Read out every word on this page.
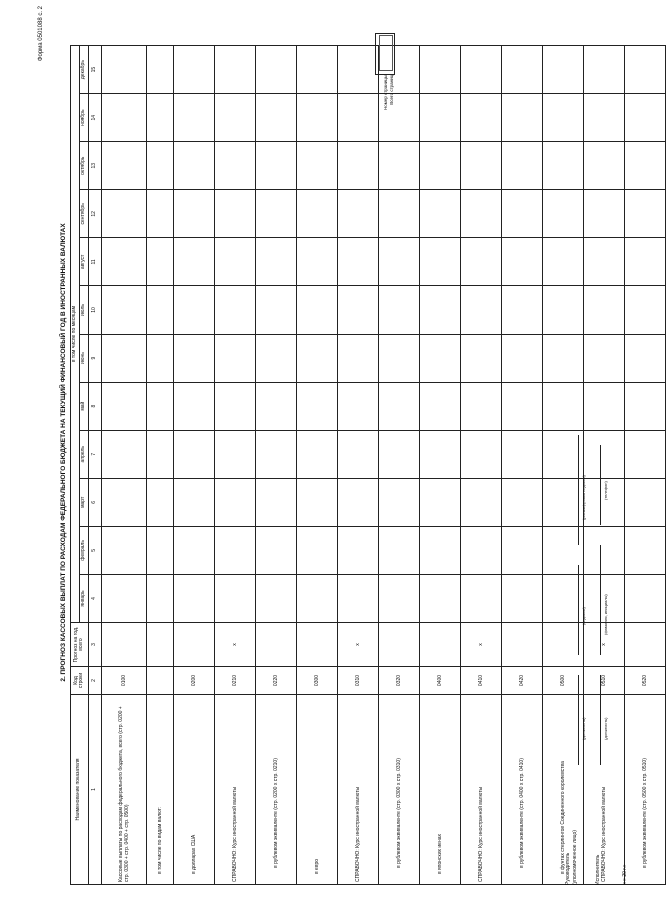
Форма 0501088 с. 2
2. ПРОГНОЗ КАССОВЫХ ВЫПЛАТ ПО РАСХОДАМ ФЕДЕРАЛЬНОГО БЮДЖЕТА НА ТЕКУЩИЙ ФИНАНСОВЫЙ ГОД В ИНОСТРАННЫХ ВАЛЮТАХ
Наименование показателя	Код строки	Прогноз на год, всего	в том числе по месяцам											
			январь	февраль	март	апрель	май	июнь	июль	август	сентябрь	октябрь	ноябрь	декабрь
1	2	3	4	5	6	7	8	9	10	11	12	13	14	15
Кассовые выплаты по расходам федерального бюджета, всего (стр. 0200 + стр. 0300 + стр. 0400 + стр. 0500)	0100													
в том числе по видам валют:														
в долларах США	0200													
СПРАВОЧНО: Курс иностранной валюты	0210	х												
в рублевом эквиваленте (стр. 0200 х стр. 0210)	0220													
в евро	0300													
СПРАВОЧНО: Курс иностранной валюты	0310	х												
в рублевом эквиваленте (стр. 0300 х стр. 0310)	0320													
в японских иенах	0400													
СПРАВОЧНО: Курс иностранной валюты	0410	х												
в рублевом эквиваленте (стр. 0400 х стр. 0410)	0420													
в фунтах стерлингов Соединенного королевства	0500													
СПРАВОЧНО: Курс иностранной валюты	0510	х												
в рублевом эквиваленте (стр. 0500 х стр. 0510)	0520													
Руководитель (уполномоченное лицо)
(должность)
(подпись)
(расшифровка подписи)
Исполнитель
(должность)
(фамилия, инициалы)
(телефон)
« » 20 г.»
Номер страницы Всего страниц
